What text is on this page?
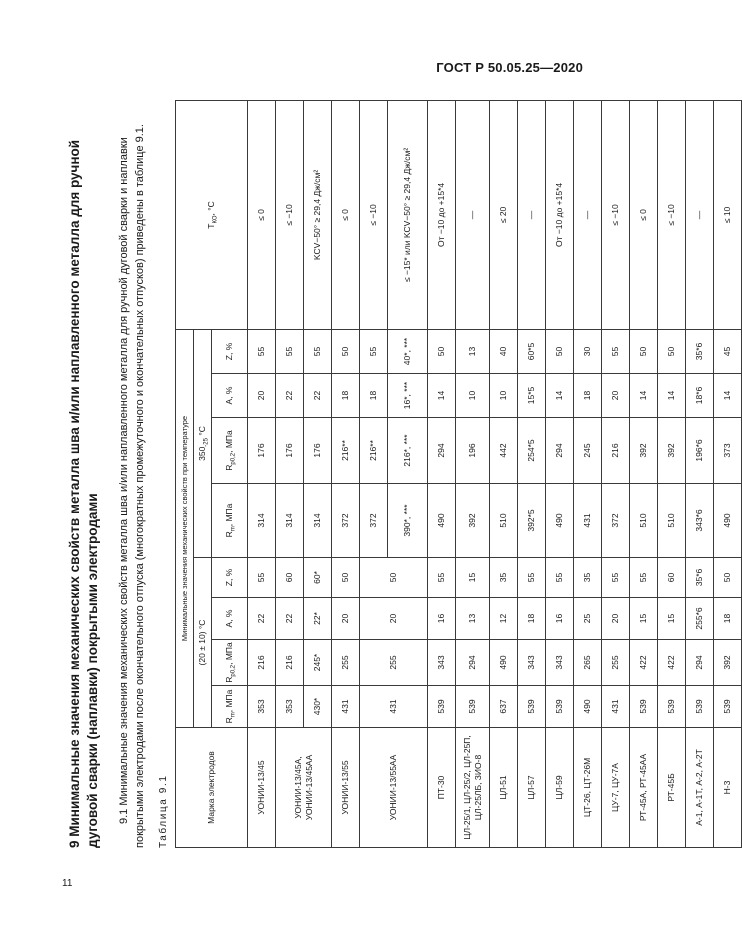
ГОСТ Р 50.05.25—2020
9 Минимальные значения механических свойств металла шва и/или наплавленного металла для ручной дуговой сварки (наплавки) покрытыми электродами 9.1 Минимальные значения механических свойств металла шва и/или наплавленного металла для ручной дуговой сварки и наплавки покрытыми электродами после окончательного отпуска (многократных промежуточного и окончательных отпусков) приведены в таблице 9.1. Таблица 9.1	Марка электродов	Минимальные значения механических свойств при температуре								$Т_{КО}$, °С
	(20 ± 10) °С				$350_{-25}$ °С				
	$R_m$, МПа	$R_{p0,2}$, МПа	А, %	Z, %	$R_m$, МПа	$R_{p0,2}$, МПа	А, %	Z, %	
УОНИИ-13/45	353	216	22	55	314	176	20	55	≤ 0
УОНИИ-13/45А, УОНИИ-13/45АА	353	216	22	60	314	176	22	55	≤ −10
	430*	245*	22*	60*	314	176	22	55	KCV−50° ≥ 29,4 Дж/см²
УОНИИ-13/55	431	255	20	50	372	216**	18	50	≤ 0
УОНИИ-13/55АА	431	255	20	50	372	216**	18	55	≤ −10
					390*, ***	216*, ***	16*, ***	40*, ***	≤ −15* или KCV−50° ≥ 29,4 Дж/см²
ПТ-30	539	343	16	55	490	294	14	50	От −10 до +15*4
ЦЛ-25/1, ЦЛ-25/2, ЦЛ-25П, ЦЛ-25ЛБ, ЗИО-8	539	294	13	15	392	196	10	13	—
ЦЛ-51	637	490	12	35	510	442	10	40	≤ 20
ЦЛ-57	539	343	18	55	392*5	254*5	15*5	60*5	—
ЦЛ-59	539	343	16	55	490	294	14	50	От −10 до +15*4
ЦТ-26, ЦТ-26М	490	265	25	35	431	245	18	30	—
ЦУ-7, ЦУ-7А	431	255	20	55	372	216	20	55	≤ −10
РТ-45А, РТ-45АА	539	422	15	55	510	392	14	50	≤ 0
РТ-45Б	539	422	15	60	510	392	14	50	≤ −10
А-1, А-1Т, А-2, А-2Т	539	294	255*6	35*6	343*6	196*6	18*6	35*6	—
Н-3	539	392	18	50	490	373	14	45	≤ 10
11
